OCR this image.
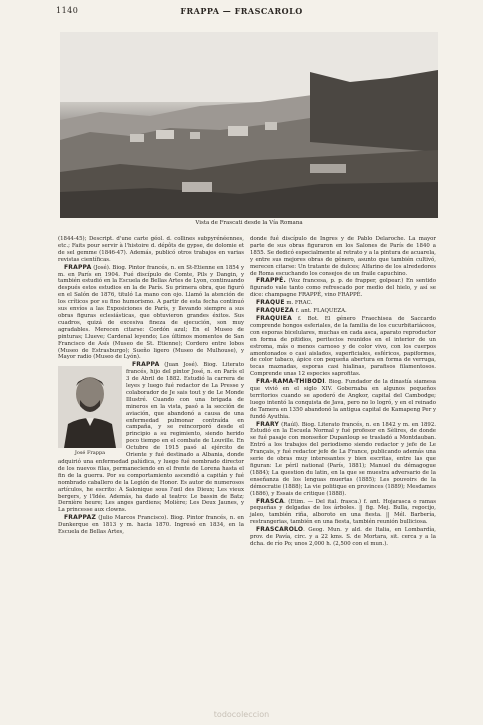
1140	FRAPPA — FRASCAROLO
Vista de Frascati desde la Vía Romana

(1844-45); Descript. d'une carte géol. d. collines subpyrénéennes, etc.; Faits pour servir à l'histoire d. dépôts de gypse, de dolomie et de sel gemme (1846-47). Además, publicó otros trabajos en varias revistas científicas.

FRAPPA (José). Biog. Pintor francés, n. en St-Etienne en 1854 y m. en París en 1904. Fué discípulo de Comte, Pils y Dangin, y también estudió en la Escuela de Bellas Artes de Lyon, continuando después estos estudios en la de París. Su primera obra, que figuró en el Salón de 1876, tituló La mano con ojo. Llamó la atención de los críticos por su fino humorismo. A partir de esta fecha continuó sus envíos a las Exposiciones de París, y llevando siempre a sus obras figuras eclesiásticas, que obtuvieron grandes éxitos. Sus cuadros, quizá de excesiva fineza de ejecución, son muy agradables. Merecen citarse: Cordón azul; En el Museo de pinturas; Llueve; Cardenal leyendo; Los últimos momentos de San Francisco de Asís (Museo de St. Etienne); Cordero entre lobos (Museo de Estrasburgo); Sueño ligero (Museo de Mulhouse), y Mayor radio (Museo de Lyón).

José Frappa

FRAPPA (Juan José). Biog. Literato francés, hijo del pintor José, n. en París el 3 de Abril de 1882. Estudió la carrera de leyes y luego fué redactor de La Presse y colaborador de Je sais tout y de Le Monde Illustré. Cuando con una brigada de mineros en la vista, pasó a la sección de aviación, que abandonó a causa de una enfermedad pulmonar contraída en campaña, y se reincorporó desde el principio a su regimiento, siendo herido poco tiempo en el combate de Louville. En Octubre de 1915 pasó al ejército de Oriente y fué destinado a Albania, donde adquirió una enfermedad palúdica, y luego fué nombrado director de los nuevos filas, permaneciendo en el frente de Lorena hasta el fin de la guerra. Por su comportamiento ascendió a capitán y fué nombrado caballero de la Legión de Honor. Es autor de numerosos artículos, he escrito: A Salonique sous l'œil des Dieux; Les vieux bergers, y l'Idée. Además, ha dado al teatro: Le bassin de Batz; Dernière heure; Les anges gardiens; Molière; Les Deux Jaunes, y La princesse aux clowns.

FRAPPAZ (Julio Marcos Francisco). Biog. Pintor francés, n. en Dunkerque en 1813 y m. hacia 1870. Ingresó en 1834, en la Escuela de Bellas Artes,

donde fué discípulo de Ingres y de Pablo Delaroche. La mayor parte de sus obras figuraron en los Salones de París de 1840 a 1855. Se dedicó especialmente al retrato y a la pintura de acuarela, y entre sus mejores obras de género, asunto que también cultivó, merecen citarse: Un tratante de dulces; Alfarino de los alrededores de Roma escuchando los consejos de un fraile capuchino.

FRAPPÉ. (Voz francesa, p. p. de frapper, golpear.) En sentido figurado vale tanto como refrescado por medio del hielo, y así se dice: champagne FRAPPÉ, vino FRAPPÉ.

FRAQUE m. FRAC.

FRAQUEZA f. ant. FLAQUEZA.

FRAQUIEA f. Bot. El género Fraechisea de Saccardo comprende hongos esferiales, de la familia de los cucurbitariáceos, con esporas bicelulares, muchas en cada asca, aparato reproductor en forma de pitidios, peritecios reunidos en el interior de un estroma, más o menos carnoso y de color vivo, con los cuerpos amontonados o casi aislados, superficiales, esféricos, papiformes, de color tabaco, ápice con pequeña abertura en forma de verruga, tecas maznadas, esporas casi hialinas, parafisos filamentosos. Comprende unas 12 especies saprofitas.

FRA-RAMA-THIBODI. Biog. Fundador de la dinastía siamesa que vivió en el siglo XIV. Gobernaba en algunos pequeños territorios cuando se apoderó de Angkor, capital del Cambodge; luego intentó la conquista de Java, pero no lo logró, y en el reinado de Tamera en 1350 abandonó la antigua capital de Kamapeng Per y fundó Ayuthia.

FRARY (Raúl). Biog. Literato francés, n. en 1842 y m. en 1892. Estudió en la Escuela Normal y fué profesor en Sèlires, de donde se fué pasaje con monseñor Dupanloup se trasladó a Montdauban. Entró a los trabajos del periodismo siendo redactor y jefe de Le Français, y fué redactor jefe de La France, publicando además una serie de obras muy interesantes y bien escritas, entre las que figuran: Le péril national (París, 1881); Manuel du démagogue (1884); La question du latin, en la que se muestra adversario de la enseñanza de los lenguas muertas (1885); Les pouvoirs de la démocratie (1888); La vie politique en provinces (1889); Mesdames (1886), y Essais de critique (1888).

FRASCA. (Etim. — Del ital. frasca.) f. ant. Hojarasca o ramas pequeñas y delgadas de los árboles. || fig. Mej. Bulla, regocijo, jaleo, también riña, alboroto en una fiesta. || Mél. Barbería, restrangerias, también en una fiesta, también reunión bulliciosa.

FRASCAROLO. Geog. Mun. y ald. de Italia, en Lombardía, prov. de Pavía, circ. y a 22 kms. S. de Mortara, sit. cerca y a la dcha. de río Po; unos 2,000 h. (2,500 con el mun.).

todocoleccion
